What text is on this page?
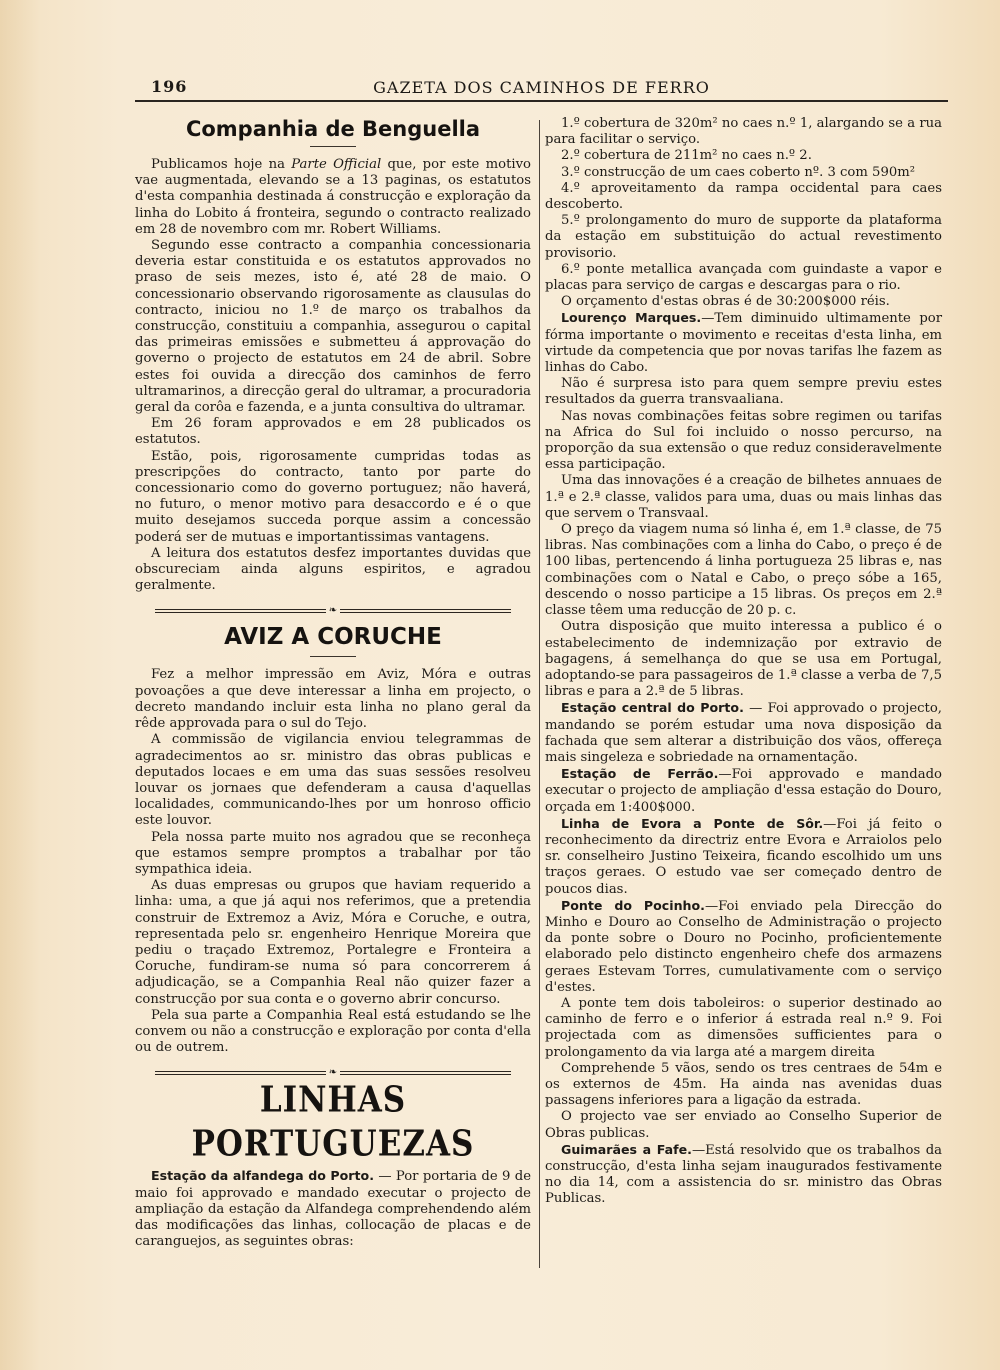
196	GAZETA DOS CAMINHOS DE FERRO
Companhia de Benguella

Publicamos hoje na Parte Official que, por este motivo vae augmentada, elevando se a 13 paginas, os estatutos d'esta companhia destinada á construcção e exploração da linha do Lobito á fronteira, segundo o contracto realizado em 28 de novembro com mr. Robert Williams.

Segundo esse contracto a companhia concessionaria deveria estar constituida e os estatutos approvados no praso de seis mezes, isto é, até 28 de maio. O concessionario observando rigorosamente as clausulas do contracto, iniciou no 1.º de março os trabalhos da construcção, constituiu a companhia, assegurou o capital das primeiras emissões e submetteu á approvação do governo o projecto de estatutos em 24 de abril. Sobre estes foi ouvida a direcção dos caminhos de ferro ultramarinos, a direcção geral do ultramar, a procuradoria geral da corôa e fazenda, e a junta consultiva do ultramar.

Em 26 foram approvados e em 28 publicados os estatutos.

Estão, pois, rigorosamente cumpridas todas as prescripções do contracto, tanto por parte do concessionario como do governo portuguez; não haverá, no futuro, o menor motivo para desaccordo e é o que muito desejamos succeda porque assim a concessão poderá ser de mutuas e importantissimas vantagens.

A leitura dos estatutos desfez importantes duvidas que obscureciam ainda alguns espiritos, e agradou geralmente.

❧
AVIZ A CORUCHE

Fez a melhor impressão em Aviz, Móra e outras povoações a que deve interessar a linha em projecto, o decreto mandando incluir esta linha no plano geral da rêde approvada para o sul do Tejo.

A commissão de vigilancia enviou telegrammas de agradecimentos ao sr. ministro das obras publicas e deputados locaes e em uma das suas sessões resolveu louvar os jornaes que defenderam a causa d'aquellas localidades, communicando-lhes por um honroso officio este louvor.

Pela nossa parte muito nos agradou que se reconheça que estamos sempre promptos a trabalhar por tão sympathica ideia.

As duas empresas ou grupos que haviam requerido a linha: uma, a que já aqui nos referimos, que a pretendia construir de Extremoz a Aviz, Móra e Coruche, e outra, representada pelo sr. engenheiro Henrique Moreira que pediu o traçado Extremoz, Portalegre e Fronteira a Coruche, fundiram-se numa só para concorrerem á adjudicação, se a Companhia Real não quizer fazer a construcção por sua conta e o governo abrir concurso.

Pela sua parte a Companhia Real está estudando se lhe convem ou não a construcção e exploração por conta d'ella ou de outrem.

❧
LINHAS PORTUGUEZAS

Estação da alfandega do Porto. — Por portaria de 9 de maio foi approvado e mandado executar o projecto de ampliação da estação da Alfandega comprehendendo além das modificações das linhas, collocação de placas e de caranguejos, as seguintes obras:

1.º cobertura de 320m² no caes n.º 1, alargando se a rua para facilitar o serviço.

2.º cobertura de 211m² no caes n.º 2.

3.º construcção de um caes coberto nº. 3 com 590m²

4.º aproveitamento da rampa occidental para caes descoberto.

5.º prolongamento do muro de supporte da plataforma da estação em substituição do actual revestimento provisorio.

6.º ponte metallica avançada com guindaste a vapor e placas para serviço de cargas e descargas para o rio.

O orçamento d'estas obras é de 30:200$000 réis.

Lourenço Marques.—Tem diminuido ultimamente por fórma importante o movimento e receitas d'esta linha, em virtude da competencia que por novas tarifas lhe fazem as linhas do Cabo.

Não é surpresa isto para quem sempre previu estes resultados da guerra transvaaliana.

Nas novas combinações feitas sobre regimen ou tarifas na Africa do Sul foi incluido o nosso percurso, na proporção da sua extensão o que reduz consideravelmente essa participação.

Uma das innovações é a creação de bilhetes annuaes de 1.ª e 2.ª classe, validos para uma, duas ou mais linhas das que servem o Transvaal.

O preço da viagem numa só linha é, em 1.ª classe, de 75 libras. Nas combinações com a linha do Cabo, o preço é de 100 libas, pertencendo á linha portugueza 25 libras e, nas combinações com o Natal e Cabo, o preço sóbe a 165, descendo o nosso participe a 15 libras. Os preços em 2.ª classe têem uma reducção de 20 p. c.

Outra disposição que muito interessa a publico é o estabelecimento de indemnização por extravio de bagagens, á semelhança do que se usa em Portugal, adoptando-se para passageiros de 1.ª classe a verba de 7,5 libras e para a 2.ª de 5 libras.

Estação central do Porto. — Foi approvado o projecto, mandando se porém estudar uma nova disposição da fachada que sem alterar a distribuição dos vãos, offereça mais singeleza e sobriedade na ornamentação.

Estação de Ferrão.—Foi approvado e mandado executar o projecto de ampliação d'essa estação do Douro, orçada em 1:400$000.

Linha de Evora a Ponte de Sôr.—Foi já feito o reconhecimento da directriz entre Evora e Arraiolos pelo sr. conselheiro Justino Teixeira, ficando escolhido um uns traços geraes. O estudo vae ser começado dentro de poucos dias.

Ponte do Pocinho.—Foi enviado pela Direcção do Minho e Douro ao Conselho de Administração o projecto da ponte sobre o Douro no Pocinho, proficientemente elaborado pelo distincto engenheiro chefe dos armazens geraes Estevam Torres, cumulativamente com o serviço d'estes.

A ponte tem dois taboleiros: o superior destinado ao caminho de ferro e o inferior á estrada real n.º 9. Foi projectada com as dimensões sufficientes para o prolongamento da via larga até a margem direita

Comprehende 5 vãos, sendo os tres centraes de 54m e os externos de 45m. Ha ainda nas avenidas duas passagens inferiores para a ligação da estrada.

O projecto vae ser enviado ao Conselho Superior de Obras publicas.

Guimarães a Fafe.—Está resolvido que os trabalhos da construcção, d'esta linha sejam inaugurados festivamente no dia 14, com a assistencia do sr. ministro das Obras Publicas.
